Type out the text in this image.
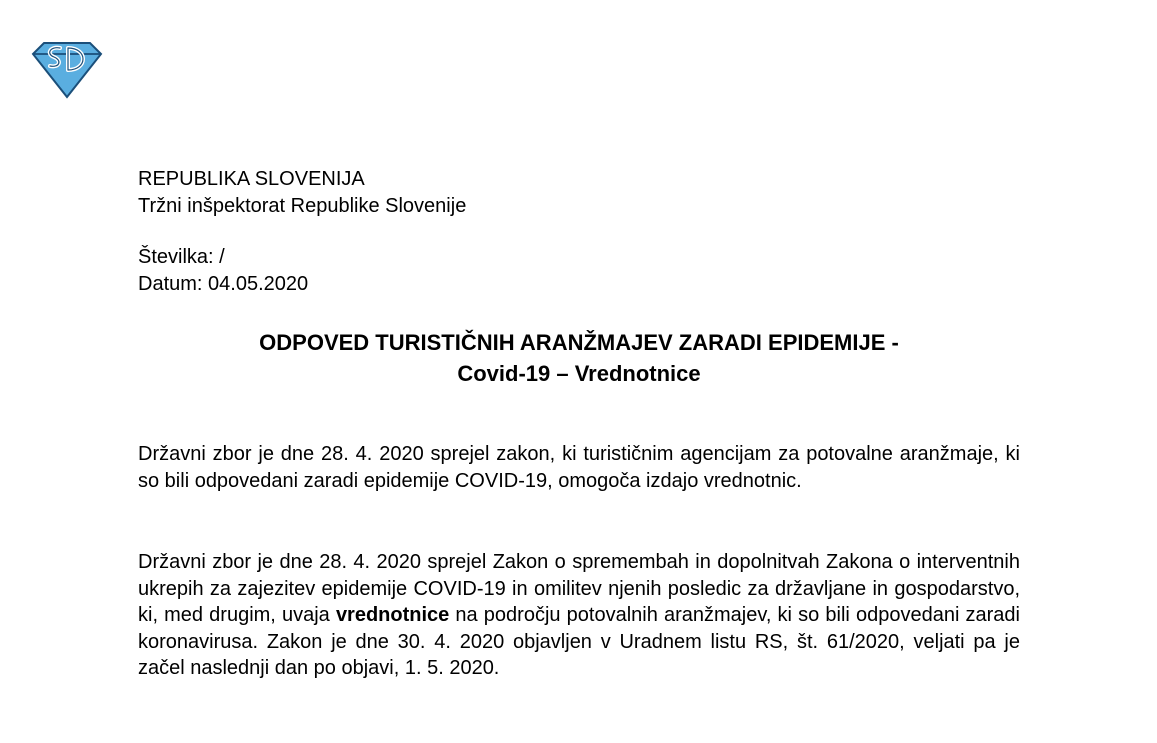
REPUBLIKA SLOVENIJA
Tržni inšpektorat Republike Slovenije
Številka: /
Datum: 04.05.2020
ODPOVED TURISTIČNIH ARANŽMAJEV ZARADI EPIDEMIJE -
Covid-19 – Vrednotnice

Državni zbor je dne 28. 4. 2020 sprejel zakon, ki turističnim agencijam za potovalne aranžmaje, ki so bili odpovedani zaradi epidemije COVID-19, omogoča izdajo vrednotnic.

Državni zbor je dne 28. 4. 2020 sprejel Zakon o spremembah in dopolnitvah Zakona o interventnih ukrepih za zajezitev epidemije COVID-19 in omilitev njenih posledic za državljane in gospodarstvo, ki, med drugim, uvaja vrednotnice na področju potovalnih aranžmajev, ki so bili odpovedani zaradi koronavirusa. Zakon je dne 30. 4. 2020 objavljen v Uradnem listu RS, št. 61/2020, veljati pa je začel naslednji dan po objavi, 1. 5. 2020.
